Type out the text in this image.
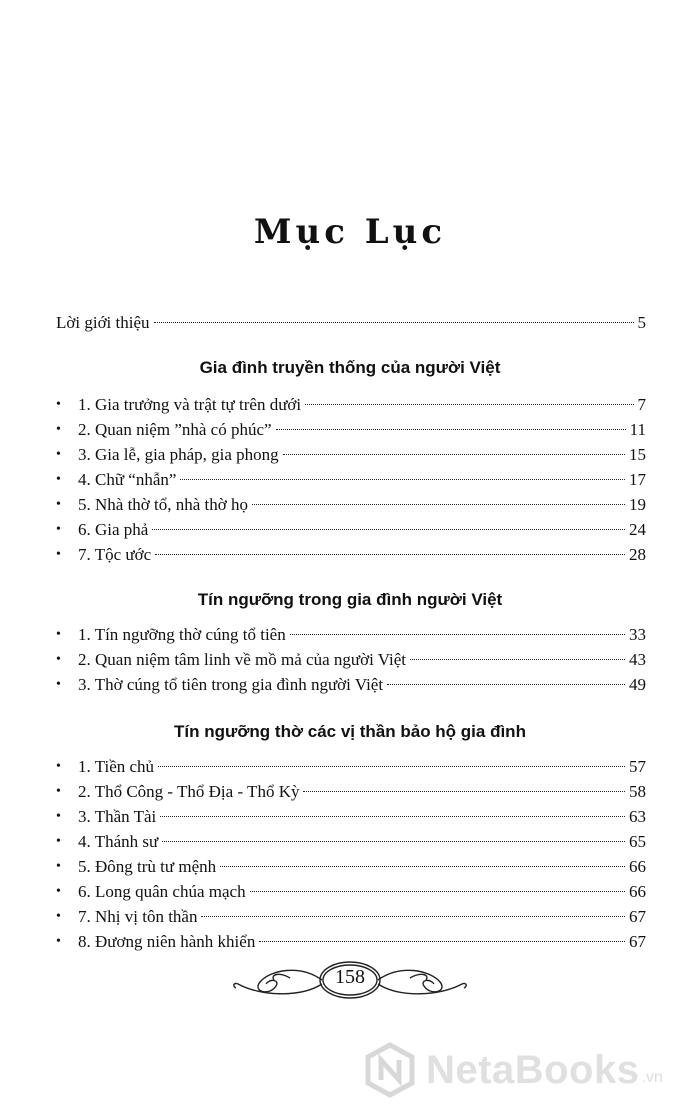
Mục Lục
Lời giới thiệu	5
Gia đình truyền thống của người Việt
• 1. Gia trưởng và trật tự trên dưới	7
• 2. Quan niệm ”nhà có phúc”	11
• 3. Gia lễ, gia pháp, gia phong	15
• 4. Chữ “nhẫn”	17
• 5. Nhà thờ tổ, nhà thờ họ	19
• 6. Gia phả	24
• 7. Tộc ước	28
Tín ngưỡng trong gia đình người Việt
• 1. Tín ngưỡng thờ cúng tổ tiên	33
• 2. Quan niệm tâm linh về mồ mả của người Việt	43
• 3. Thờ cúng tổ tiên trong gia đình người Việt	49
Tín ngưỡng thờ các vị thần bảo hộ gia đình
• 1. Tiền chủ	57
• 2. Thổ Công - Thổ Địa - Thổ Kỳ	58
• 3. Thần Tài	63
• 4. Thánh sư	65
• 5. Đông trù tư mệnh	66
• 6. Long quân chúa mạch	66
• 7. Nhị vị tôn thần	67
• 8. Đương niên hành khiển	67
158
NetaBooks .vn
